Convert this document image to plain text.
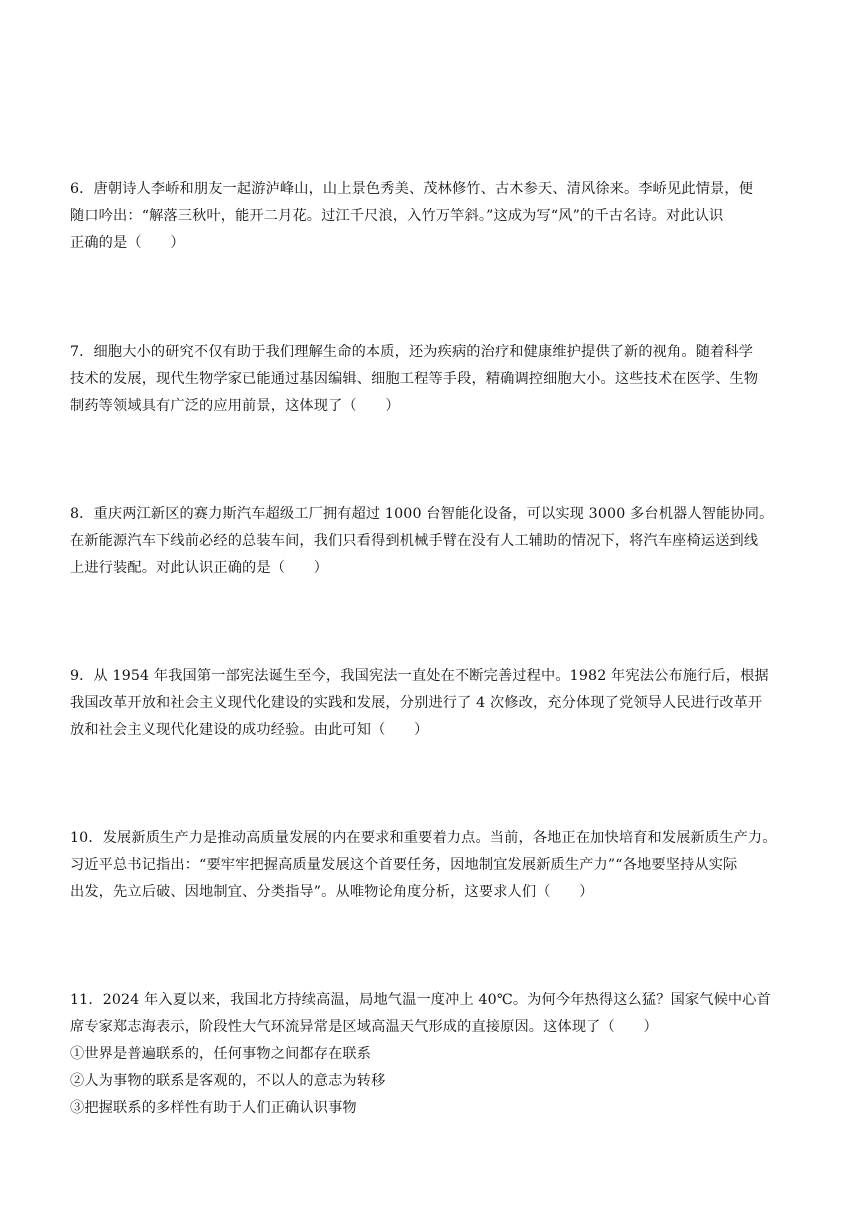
6．唐朝诗人李峤和朋友一起游泸峰山，山上景色秀美、茂林修竹、古木参天、清风徐来。李峤见此情景，便
随口吟出：“解落三秋叶，能开二月花。过江千尺浪，入竹万竿斜。”这成为写“风”的千古名诗。对此认识
正确的是（　　）
7．细胞大小的研究不仅有助于我们理解生命的本质，还为疾病的治疗和健康维护提供了新的视角。随着科学
技术的发展，现代生物学家已能通过基因编辑、细胞工程等手段，精确调控细胞大小。这些技术在医学、生物
制药等领域具有广泛的应用前景，这体现了（　　）
8．重庆两江新区的赛力斯汽车超级工厂拥有超过 1000 台智能化设备，可以实现 3000 多台机器人智能协同。
在新能源汽车下线前必经的总装车间，我们只看得到机械手臂在没有人工辅助的情况下，将汽车座椅运送到线
上进行装配。对此认识正确的是（　　）
9．从 1954 年我国第一部宪法诞生至今，我国宪法一直处在不断完善过程中。1982 年宪法公布施行后，根据
我国改革开放和社会主义现代化建设的实践和发展，分别进行了 4 次修改，充分体现了党领导人民进行改革开
放和社会主义现代化建设的成功经验。由此可知（　　）
10．发展新质生产力是推动高质量发展的内在要求和重要着力点。当前，各地正在加快培育和发展新质生产力。
习近平总书记指出：“要牢牢把握高质量发展这个首要任务，因地制宜发展新质生产力”“各地要坚持从实际
出发，先立后破、因地制宜、分类指导”。从唯物论角度分析，这要求人们（　　）
11．2024 年入夏以来，我国北方持续高温，局地气温一度冲上 40℃。为何今年热得这么猛？国家气候中心首
席专家郑志海表示，阶段性大气环流异常是区域高温天气形成的直接原因。这体现了（　　）
①世界是普遍联系的，任何事物之间都存在联系
②人为事物的联系是客观的，不以人的意志为转移
③把握联系的多样性有助于人们正确认识事物
